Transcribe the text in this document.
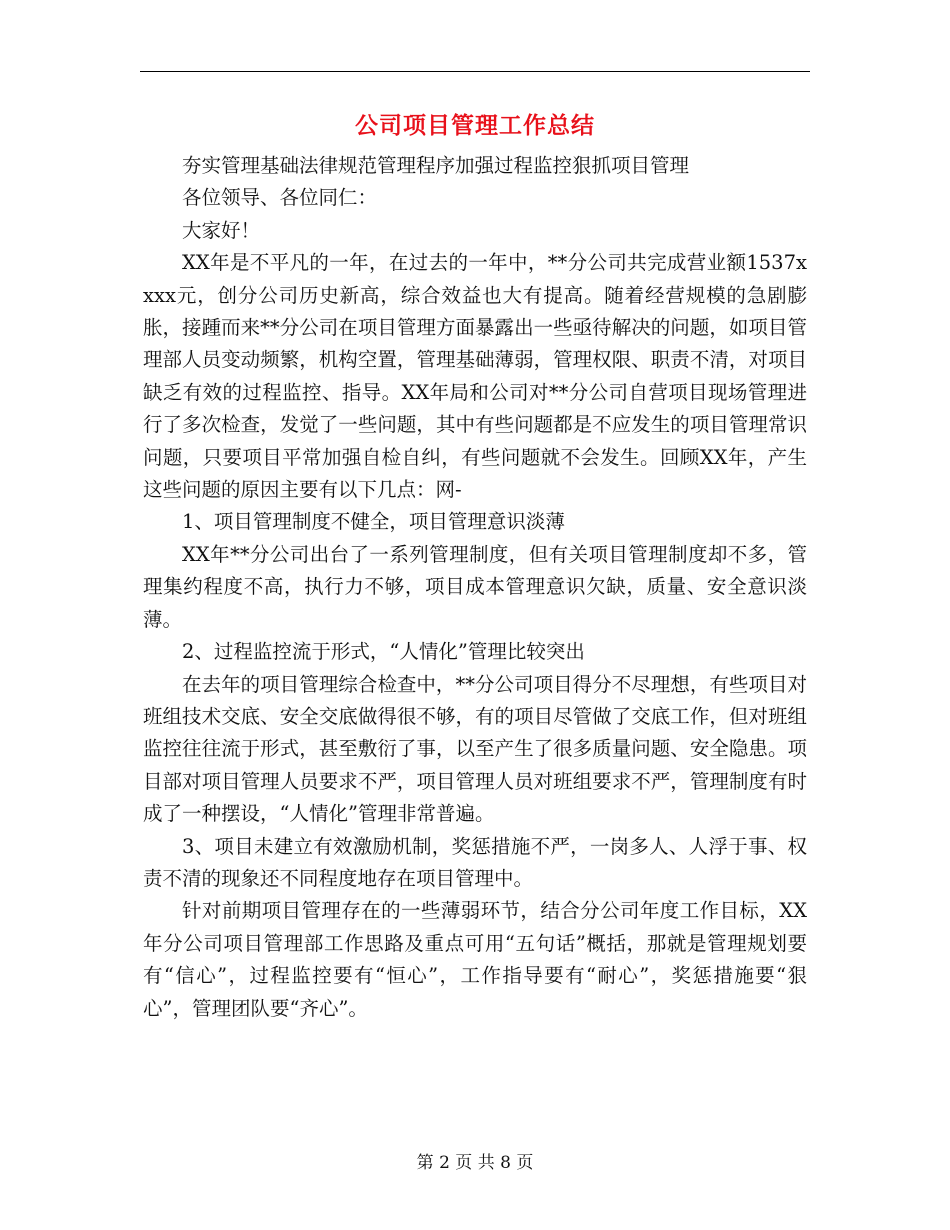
公司项目管理工作总结

夯实管理基础法律规范管理程序加强过程监控狠抓项目管理

各位领导、各位同仁：

大家好！

XX年是不平凡的一年，在过去的一年中，**分公司共完成营业额1537xxxx元，创分公司历史新高，综合效益也大有提高。随着经营规模的急剧膨胀，接踵而来**分公司在项目管理方面暴露出一些亟待解决的问题，如项目管理部人员变动频繁，机构空置，管理基础薄弱，管理权限、职责不清，对项目缺乏有效的过程监控、指导。XX年局和公司对**分公司自营项目现场管理进行了多次检查，发觉了一些问题，其中有些问题都是不应发生的项目管理常识问题，只要项目平常加强自检自纠，有些问题就不会发生。回顾XX年，产生这些问题的原因主要有以下几点：网-

1、项目管理制度不健全，项目管理意识淡薄

XX年**分公司出台了一系列管理制度，但有关项目管理制度却不多，管理集约程度不高，执行力不够，项目成本管理意识欠缺，质量、安全意识淡薄。

2、过程监控流于形式，“人情化”管理比较突出

在去年的项目管理综合检查中，**分公司项目得分不尽理想，有些项目对班组技术交底、安全交底做得很不够，有的项目尽管做了交底工作，但对班组监控往往流于形式，甚至敷衍了事，以至产生了很多质量问题、安全隐患。项目部对项目管理人员要求不严，项目管理人员对班组要求不严，管理制度有时成了一种摆设，“人情化”管理非常普遍。

3、项目未建立有效激励机制，奖惩措施不严，一岗多人、人浮于事、权责不清的现象还不同程度地存在项目管理中。

针对前期项目管理存在的一些薄弱环节，结合分公司年度工作目标，XX年分公司项目管理部工作思路及重点可用“五句话”概括，那就是管理规划要有“信心”，过程监控要有“恒心”，工作指导要有“耐心”，奖惩措施要“狠心”，管理团队要“齐心”。

第 2 页 共 8 页
